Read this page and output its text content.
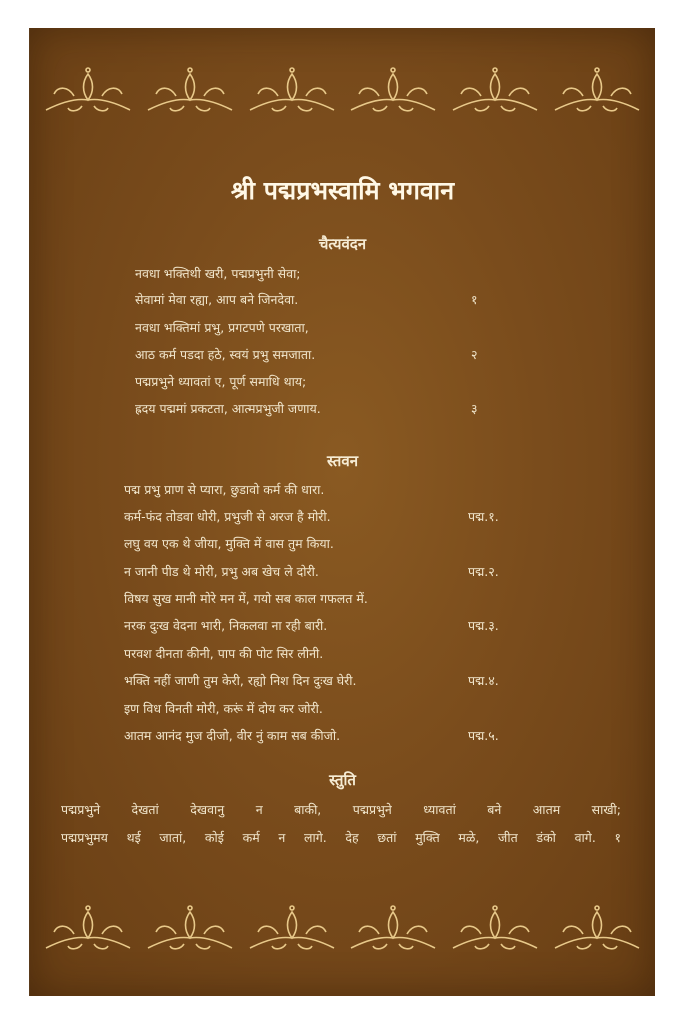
श्री पद्मप्रभस्वामि भगवान
चैत्यवंदन
नवधा भक्तिथी खरी, पद्मप्रभुनी सेवा;
सेवामां मेवा रह्या, आप बने जिनदेवा.	१
नवधा भक्तिमां प्रभु, प्रगटपणे परखाता,
आठ कर्म पडदा हठे, स्वयं प्रभु समजाता.	२
पद्मप्रभुने ध्यावतां ए, पूर्ण समाधि थाय;
ह्रदय पद्ममां प्रकटता, आत्मप्रभुजी जणाय.	३
स्तवन
पद्म प्रभु प्राण से प्यारा, छुडावो कर्म की धारा.
कर्म-फंद तोडवा धोरी, प्रभुजी से अरज है मोरी.	पद्म.१.
लघु वय एक थे जीया, मुक्ति में वास तुम किया.
न जानी पीड थे मोरी, प्रभु अब खेच ले दोरी.	पद्म.२.
विषय सुख मानी मोरे मन में, गयो सब काल गफलत में.
नरक दुःख वेदना भारी, निकलवा ना रही बारी.	पद्म.३.
परवश दीनता कीनी, पाप की पोट सिर लीनी.
भक्ति नहीं जाणी तुम केरी, रह्यो निश दिन दुःख घेरी.	पद्म.४.
इण विध विनती मोरी, करूं में दोय कर जोरी.
आतम आनंद मुज दीजो, वीर नुं काम सब कीजो.	पद्म.५.
स्तुति
पद्मप्रभुने देखतां देखवानु न बाकी, पद्मप्रभुने ध्यावतां बने आतम साखी;
पद्मप्रभुमय थई जातां, कोई कर्म न लागे. देह छतां मुक्ति मळे, जीत डंको वागे. १
